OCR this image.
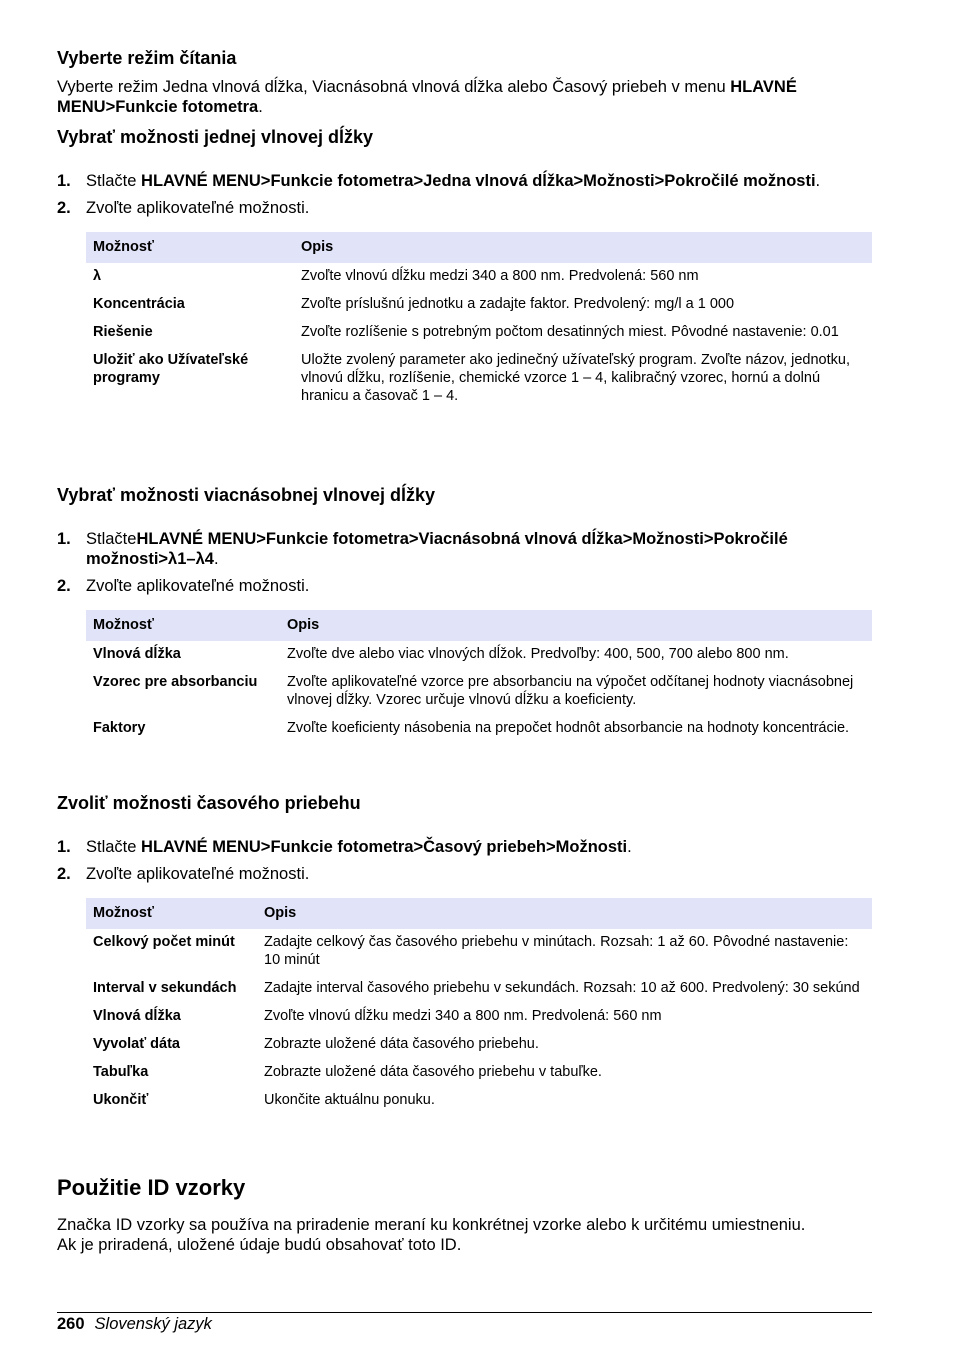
Vyberte režim čítania

Vyberte režim Jedna vlnová dĺžka, Viacnásobná vlnová dĺžka alebo Časový priebeh v menu HLAVNÉ MENU>Funkcie fotometra.

Vybrať možnosti jednej vlnovej dĺžky

1. Stlačte HLAVNÉ MENU>Funkcie fotometra>Jedna vlnová dĺžka>Možnosti>Pokročilé možnosti.
2. Zvoľte aplikovateľné možnosti.
Možnosť	Opis
λ	Zvoľte vlnovú dĺžku medzi 340 a 800 nm. Predvolená: 560 nm
Koncentrácia	Zvoľte príslušnú jednotku a zadajte faktor. Predvolený: mg/l a 1 000
Riešenie	Zvoľte rozlíšenie s potrebným počtom desatinných miest. Pôvodné nastavenie: 0.01
Uložiť ako Užívateľské programy	Uložte zvolený parameter ako jedinečný užívateľský program. Zvoľte názov, jednotku, vlnovú dĺžku, rozlíšenie, chemické vzorce 1 – 4, kalibračný vzorec, hornú a dolnú hranicu a časovač 1 – 4.

Vybrať možnosti viacnásobnej vlnovej dĺžky

1. StlačteHLAVNÉ MENU>Funkcie fotometra>Viacnásobná vlnová dĺžka>Možnosti>Pokročilé možnosti>λ1–λ4.
2. Zvoľte aplikovateľné možnosti.
Možnosť	Opis
Vlnová dĺžka	Zvoľte dve alebo viac vlnových dĺžok. Predvoľby: 400, 500, 700 alebo 800 nm.
Vzorec pre absorbanciu	Zvoľte aplikovateľné vzorce pre absorbanciu na výpočet odčítanej hodnoty viacnásobnej vlnovej dĺžky. Vzorec určuje vlnovú dĺžku a koeficienty.
Faktory	Zvoľte koeficienty násobenia na prepočet hodnôt absorbancie na hodnoty koncentrácie.

Zvoliť možnosti časového priebehu

1. Stlačte HLAVNÉ MENU>Funkcie fotometra>Časový priebeh>Možnosti.
2. Zvoľte aplikovateľné možnosti.
Možnosť	Opis
Celkový počet minút	Zadajte celkový čas časového priebehu v minútach. Rozsah: 1 až 60. Pôvodné nastavenie: 10 minút
Interval v sekundách	Zadajte interval časového priebehu v sekundách. Rozsah: 10 až 600. Predvolený: 30 sekúnd
Vlnová dĺžka	Zvoľte vlnovú dĺžku medzi 340 a 800 nm. Predvolená: 560 nm
Vyvolať dáta	Zobrazte uložené dáta časového priebehu.
Tabuľka	Zobrazte uložené dáta časového priebehu v tabuľke.
Ukončiť	Ukončite aktuálnu ponuku.

Použitie ID vzorky

Značka ID vzorky sa používa na priradenie meraní ku konkrétnej vzorke alebo k určitému umiestneniu. Ak je priradená, uložené údaje budú obsahovať toto ID.

260 Slovenský jazyk
